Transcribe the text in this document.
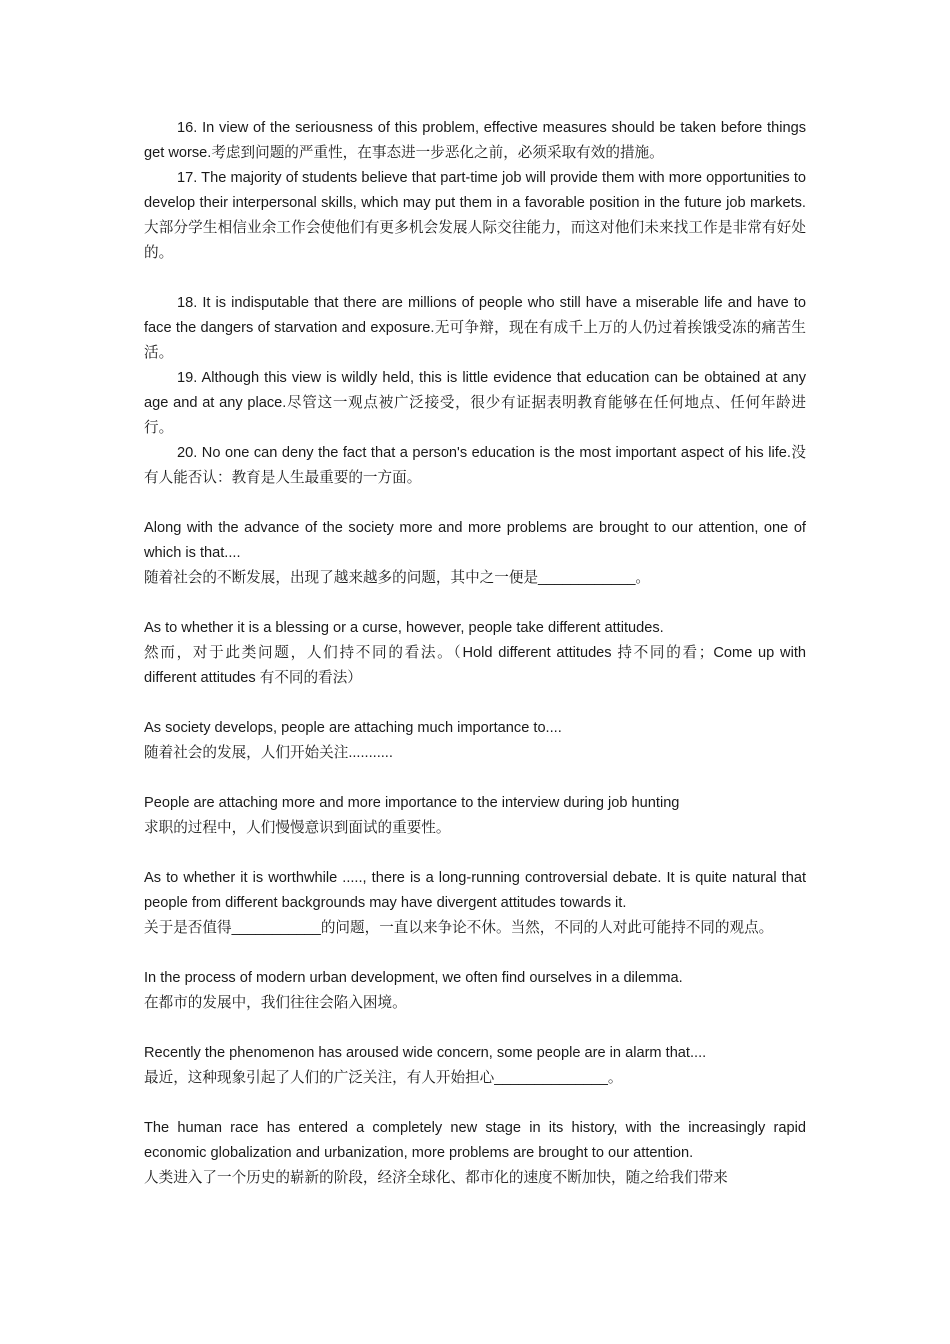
16. In view of the seriousness of this problem, effective measures should be taken before things get worse.考虑到问题的严重性，在事态进一步恶化之前，必须采取有效的措施。

17. The majority of students believe that part-time job will provide them with more opportunities to develop their interpersonal skills, which may put them in a favorable position in the future job markets.大部分学生相信业余工作会使他们有更多机会发展人际交往能力，而这对他们未来找工作是非常有好处的。

18. It is indisputable that there are millions of people who still have a miserable life and have to face the dangers of starvation and exposure.无可争辩，现在有成千上万的人仍过着挨饿受冻的痛苦生活。

19. Although this view is wildly held, this is little evidence that education can be obtained at any age and at any place.尽管这一观点被广泛接受，很少有证据表明教育能够在任何地点、任何年龄进行。

20. No one can deny the fact that a person's education is the most important aspect of his life.没有人能否认：教育是人生最重要的一方面。

Along with the advance of the society more and more problems are brought to our attention, one of which is that....

随着社会的不断发展，出现了越来越多的问题，其中之一便是____________。

As to whether it is a blessing or a curse, however, people take different attitudes.

然而，对于此类问题，人们持不同的看法。（Hold different attitudes 持不同的看；Come up with different attitudes 有不同的看法）

As society develops, people are attaching much importance to....

随着社会的发展，人们开始关注...........

People are attaching more and more importance to the interview during job hunting

求职的过程中，人们慢慢意识到面试的重要性。

As to whether it is worthwhile ....., there is a long-running controversial debate. It is quite natural that people from different backgrounds may have divergent attitudes towards it.

关于是否值得___________的问题，一直以来争论不休。当然，不同的人对此可能持不同的观点。

In the process of modern urban development, we often find ourselves in a dilemma.

在都市的发展中，我们往往会陷入困境。

Recently the phenomenon has aroused wide concern, some people are in alarm that....

最近，这种现象引起了人们的广泛关注，有人开始担心______________。

The human race has entered a completely new stage in its history, with the increasingly rapid economic globalization and urbanization, more problems are brought to our attention.

人类进入了一个历史的崭新的阶段，经济全球化、都市化的速度不断加快，随之给我们带来
